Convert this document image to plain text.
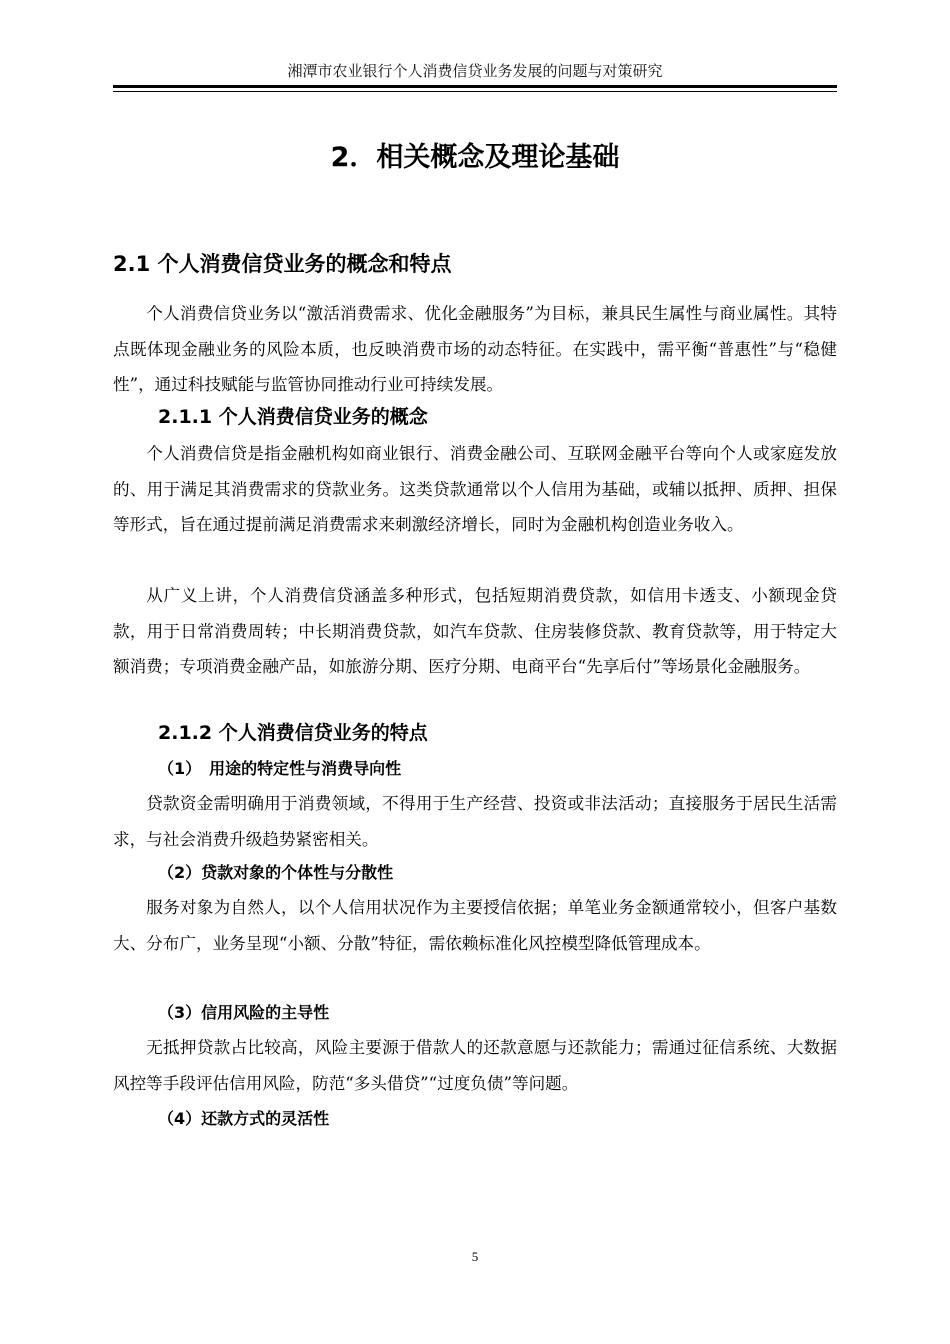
湘潭市农业银行个人消费信贷业务发展的问题与对策研究
2．相关概念及理论基础
2.1 个人消费信贷业务的概念和特点
个人消费信贷业务以“激活消费需求、优化金融服务”为目标，兼具民生属性与商业属性。其特点既体现金融业务的风险本质，也反映消费市场的动态特征。在实践中，需平衡“普惠性”与“稳健性”，通过科技赋能与监管协同推动行业可持续发展。
2.1.1 个人消费信贷业务的概念
个人消费信贷是指金融机构如商业银行、消费金融公司、互联网金融平台等向个人或家庭发放的、用于满足其消费需求的贷款业务。这类贷款通常以个人信用为基础，或辅以抵押、质押、担保等形式，旨在通过提前满足消费需求来刺激经济增长，同时为金融机构创造业务收入。
从广义上讲，个人消费信贷涵盖多种形式，包括短期消费贷款，如信用卡透支、小额现金贷款，用于日常消费周转；中长期消费贷款，如汽车贷款、住房装修贷款、教育贷款等，用于特定大额消费；专项消费金融产品，如旅游分期、医疗分期、电商平台“先享后付”等场景化金融服务。
2.1.2 个人消费信贷业务的特点
（1）　用途的特定性与消费导向性
贷款资金需明确用于消费领域，不得用于生产经营、投资或非法活动；直接服务于居民生活需求，与社会消费升级趋势紧密相关。
（2）贷款对象的个体性与分散性
服务对象为自然人，以个人信用状况作为主要授信依据；单笔业务金额通常较小，但客户基数大、分布广，业务呈现“小额、分散”特征，需依赖标准化风控模型降低管理成本。
（3）信用风险的主导性
无抵押贷款占比较高，风险主要源于借款人的还款意愿与还款能力；需通过征信系统、大数据风控等手段评估信用风险，防范“多头借贷”“过度负债”等问题。
（4）还款方式的灵活性
5
